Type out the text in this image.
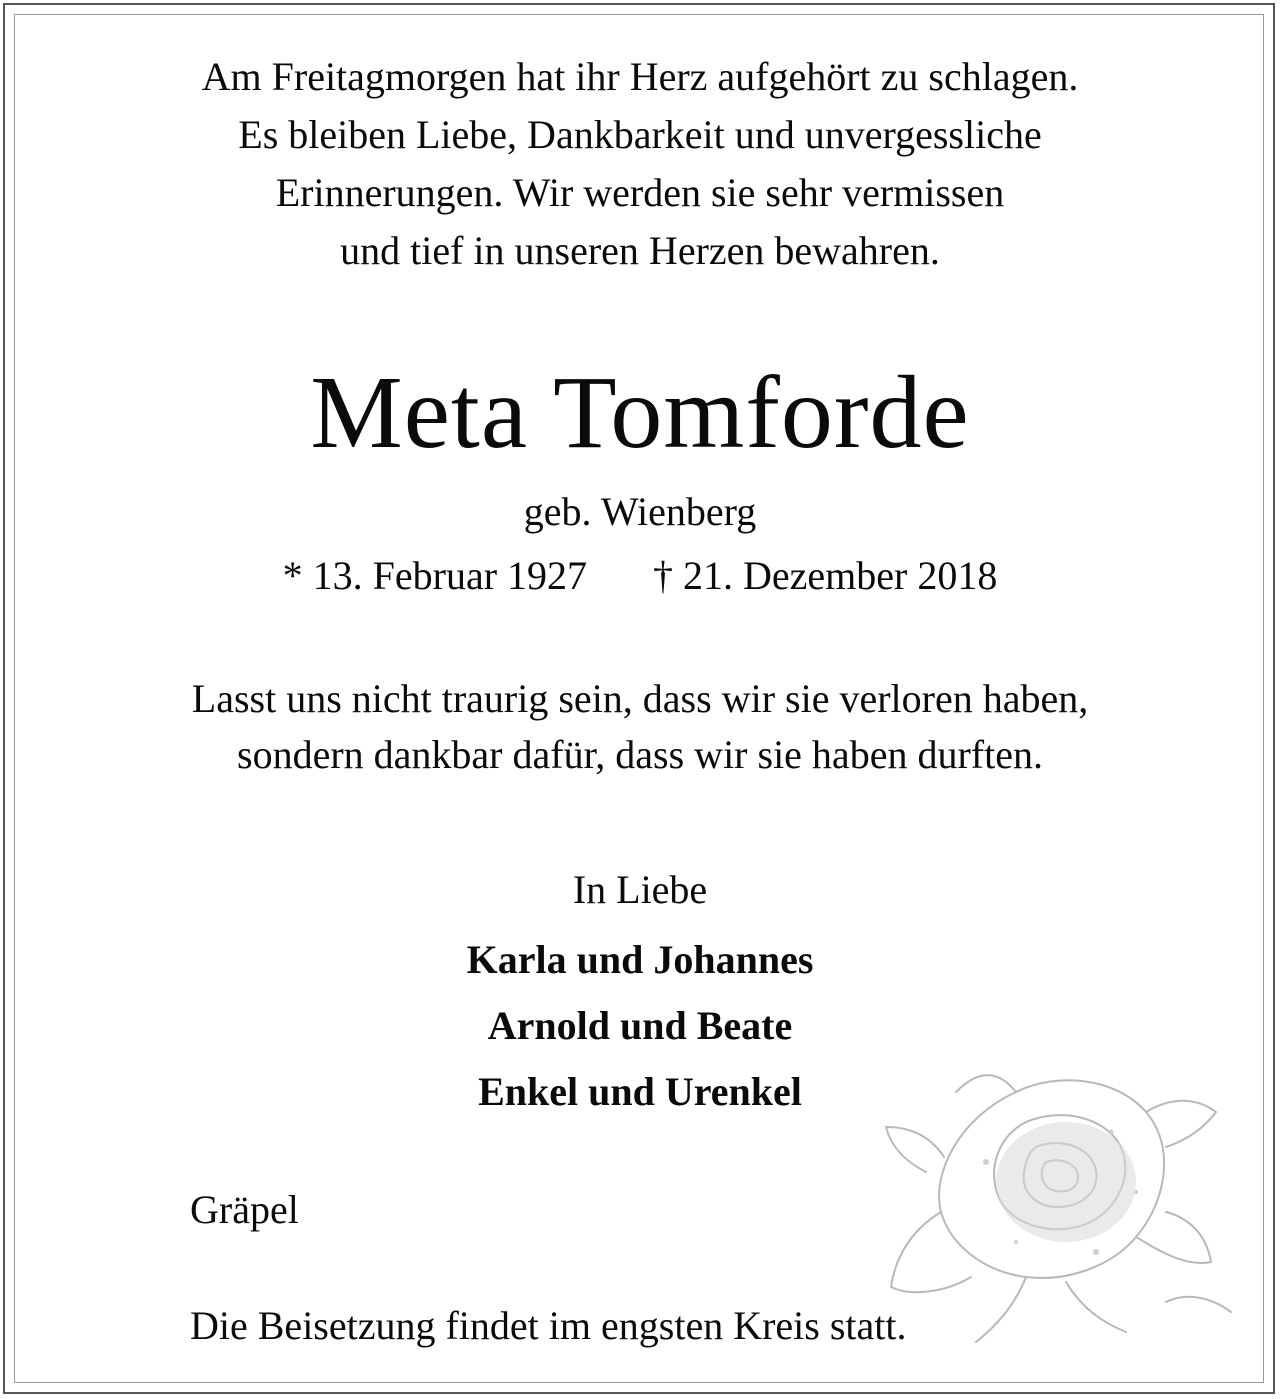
Am Freitagmorgen hat ihr Herz aufgehört zu schlagen.
Es bleiben Liebe, Dankbarkeit und unvergessliche
Erinnerungen. Wir werden sie sehr vermissen
und tief in unseren Herzen bewahren.
Meta Tomforde
geb. Wienberg
* 13. Februar 1927 † 21. Dezember 2018
Lasst uns nicht traurig sein, dass wir sie verloren haben,
sondern dankbar dafür, dass wir sie haben durften.
In Liebe
Karla und Johannes
Arnold und Beate
Enkel und Urenkel
Gräpel
Die Beisetzung findet im engsten Kreis statt.
